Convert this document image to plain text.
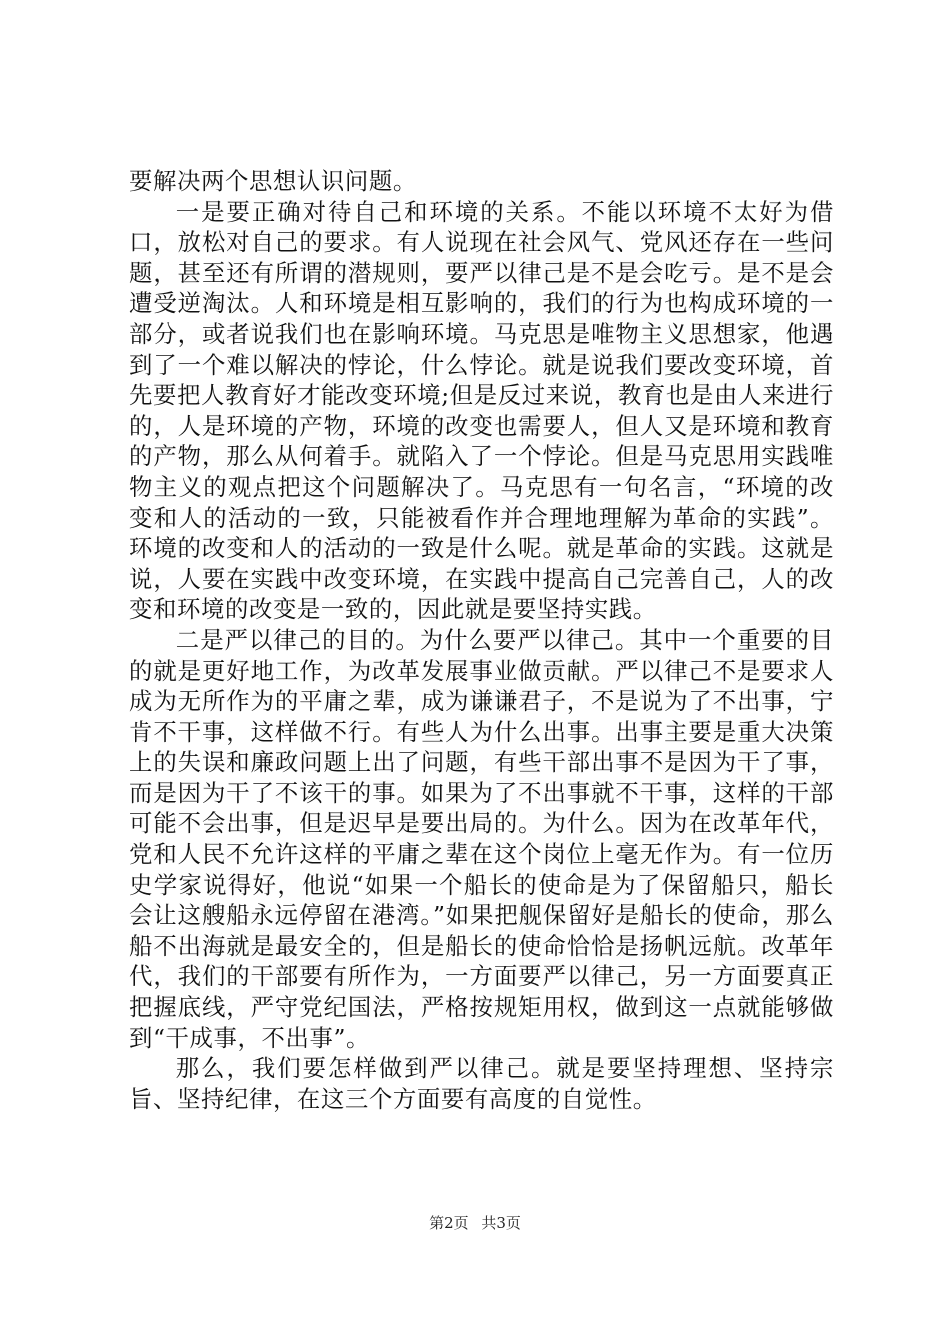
要解决两个思想认识问题。

一是要正确对待自己和环境的关系。不能以环境不太好为借口，放松对自己的要求。有人说现在社会风气、党风还存在一些问题，甚至还有所谓的潜规则，要严以律己是不是会吃亏。是不是会遭受逆淘汰。人和环境是相互影响的，我们的行为也构成环境的一部分，或者说我们也在影响环境。马克思是唯物主义思想家，他遇到了一个难以解决的悖论，什么悖论。就是说我们要改变环境，首先要把人教育好才能改变环境;但是反过来说，教育也是由人来进行的，人是环境的产物，环境的改变也需要人，但人又是环境和教育的产物，那么从何着手。就陷入了一个悖论。但是马克思用实践唯物主义的观点把这个问题解决了。马克思有一句名言，“环境的改变和人的活动的一致，只能被看作并合理地理解为革命的实践”。环境的改变和人的活动的一致是什么呢。就是革命的实践。这就是说，人要在实践中改变环境，在实践中提高自己完善自己，人的改变和环境的改变是一致的，因此就是要坚持实践。

二是严以律己的目的。为什么要严以律己。其中一个重要的目的就是更好地工作，为改革发展事业做贡献。严以律己不是要求人成为无所作为的平庸之辈，成为谦谦君子，不是说为了不出事，宁肯不干事，这样做不行。有些人为什么出事。出事主要是重大决策上的失误和廉政问题上出了问题，有些干部出事不是因为干了事，而是因为干了不该干的事。如果为了不出事就不干事，这样的干部可能不会出事，但是迟早是要出局的。为什么。因为在改革年代，党和人民不允许这样的平庸之辈在这个岗位上毫无作为。有一位历史学家说得好，他说“如果一个船长的使命是为了保留船只，船长会让这艘船永远停留在港湾。”如果把舰保留好是船长的使命，那么船不出海就是最安全的，但是船长的使命恰恰是扬帆远航。改革年代，我们的干部要有所作为，一方面要严以律己，另一方面要真正把握底线，严守党纪国法，严格按规矩用权，做到这一点就能够做到“干成事，不出事”。

那么，我们要怎样做到严以律己。就是要坚持理想、坚持宗旨、坚持纪律，在这三个方面要有高度的自觉性。

第2页 共3页
